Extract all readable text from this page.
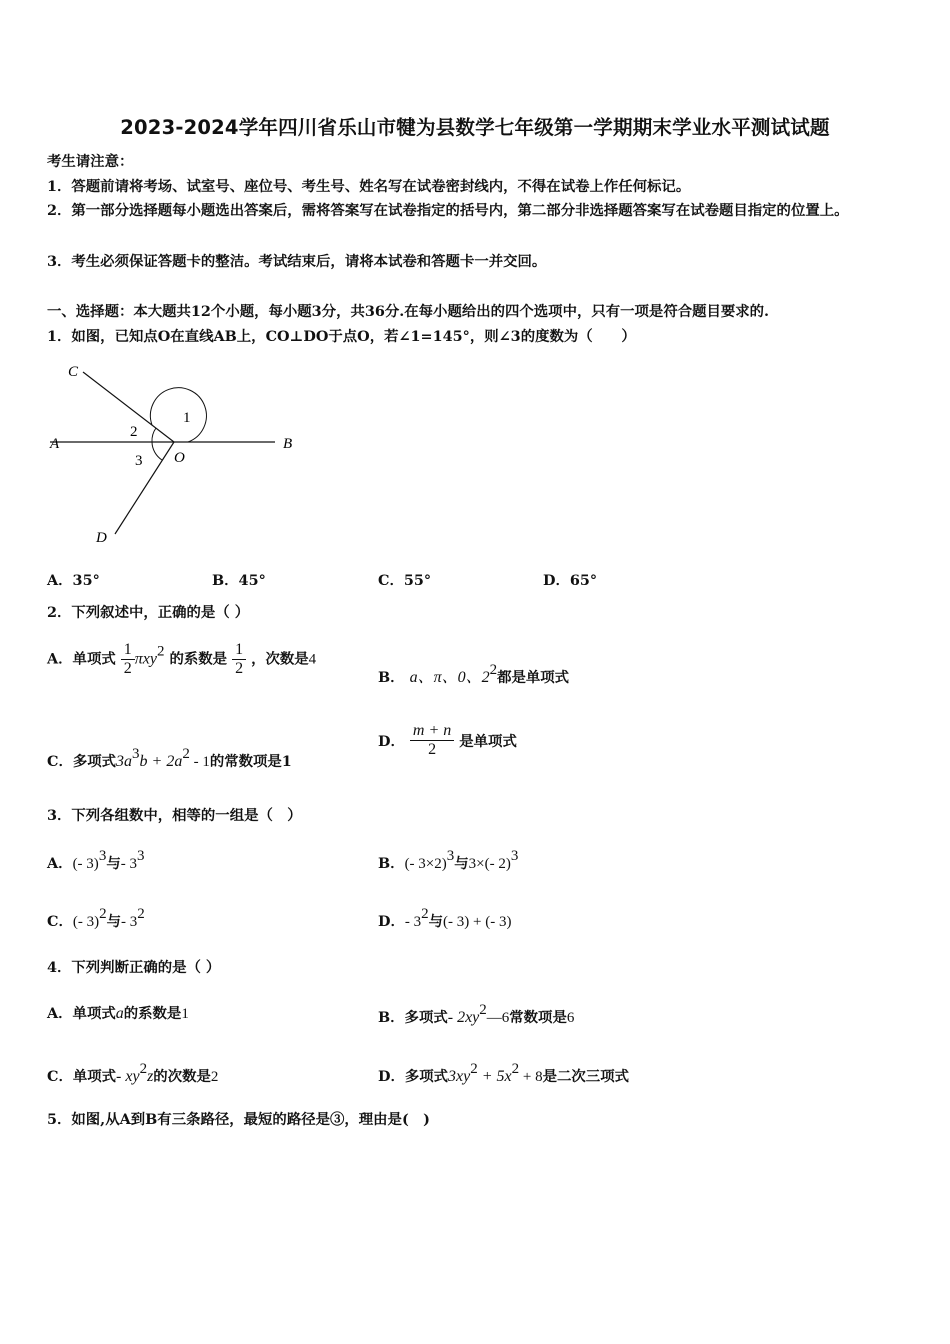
2023-2024学年四川省乐山市犍为县数学七年级第一学期期末学业水平测试试题
考生请注意：
1．答题前请将考场、试室号、座位号、考生号、姓名写在试卷密封线内，不得在试卷上作任何标记。
2．第一部分选择题每小题选出答案后，需将答案写在试卷指定的括号内，第二部分非选择题答案写在试卷题目指定的位置上。
3．考生必须保证答题卡的整洁。考试结束后，请将本试卷和答题卡一并交回。
一、选择题：本大题共12个小题，每小题3分，共36分.在每小题给出的四个选项中，只有一项是符合题目要求的.
1．如图，已知点O在直线AB上，CO⊥DO于点O，若∠1=145°，则∠3的度数为（　　）
C
A	B
D
O
1
2
3
A．35°	B．45°	C．55°	D．65°
2．下列叙述中，正确的是（ ）
A．单项式 $\frac{1}{2} \pi xy^2$ 的系数是 $\frac{1}{2}$ ，次数是4
B． a、π、0、$2^2$都是单项式
C．多项式$3a^3b + 2a^2 - 1$的常数项是1
D． $\frac{m + n}{2}$ 是单项式
3．下列各组数中，相等的一组是（　）
A．(- 3)$^3$与- $3^3$	B．(- 3×2)$^3$与3×(- 2)$^3$
C．(- 3)$^2$与- $3^2$	D．- $3^2$与(- 3) + (- 3)
4．下列判断正确的是（ ）
A．单项式a的系数是1	B．多项式- $2xy^2—6$常数项是6
C．单项式- $xy^2z$的次数是2	D．多项式$3xy^2 + 5x^2 + 8$是二次三项式
5．如图,从A到B有三条路径，最短的路径是③，理由是(　)
